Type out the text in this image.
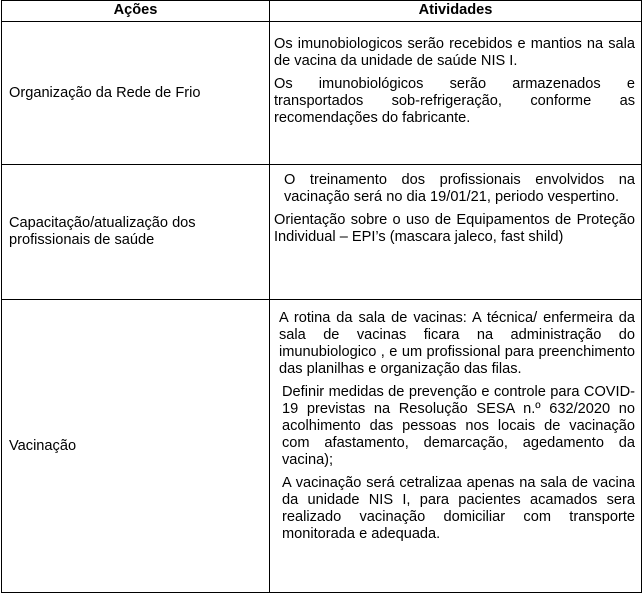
Ações	Atividades
Organização da Rede de Frio	Os imunobiologicos serão recebidos e mantios na sala de vacina da unidade de saúde NIS I.

Os imunobiológicos serão armazenados e transportados sob-refrigeração, conforme as recomendações do fabricante.

Capacitação/atualização dos profissionais de saúde	O treinamento dos profissionais envolvidos na vacinação será no dia 19/01/21, periodo vespertino.

Orientação sobre o uso de Equipamentos de Proteção Individual – EPI’s (mascara jaleco, fast shild)

Vacinação	A rotina da sala de vacinas: A técnica/ enfermeira da sala de vacinas ficara na administração do imunubiologico , e um profissional para preenchimento das planilhas e organização das filas.

Definir medidas de prevenção e controle para COVID-19 previstas na Resolução SESA n.º 632/2020 no acolhimento das pessoas nos locais de vacinação com afastamento, demarcação, agedamento da vacina);

A vacinação será cetralizaa apenas na sala de vacina da unidade NIS I, para pacientes acamados sera realizado vacinação domiciliar com transporte monitorada e adequada.
